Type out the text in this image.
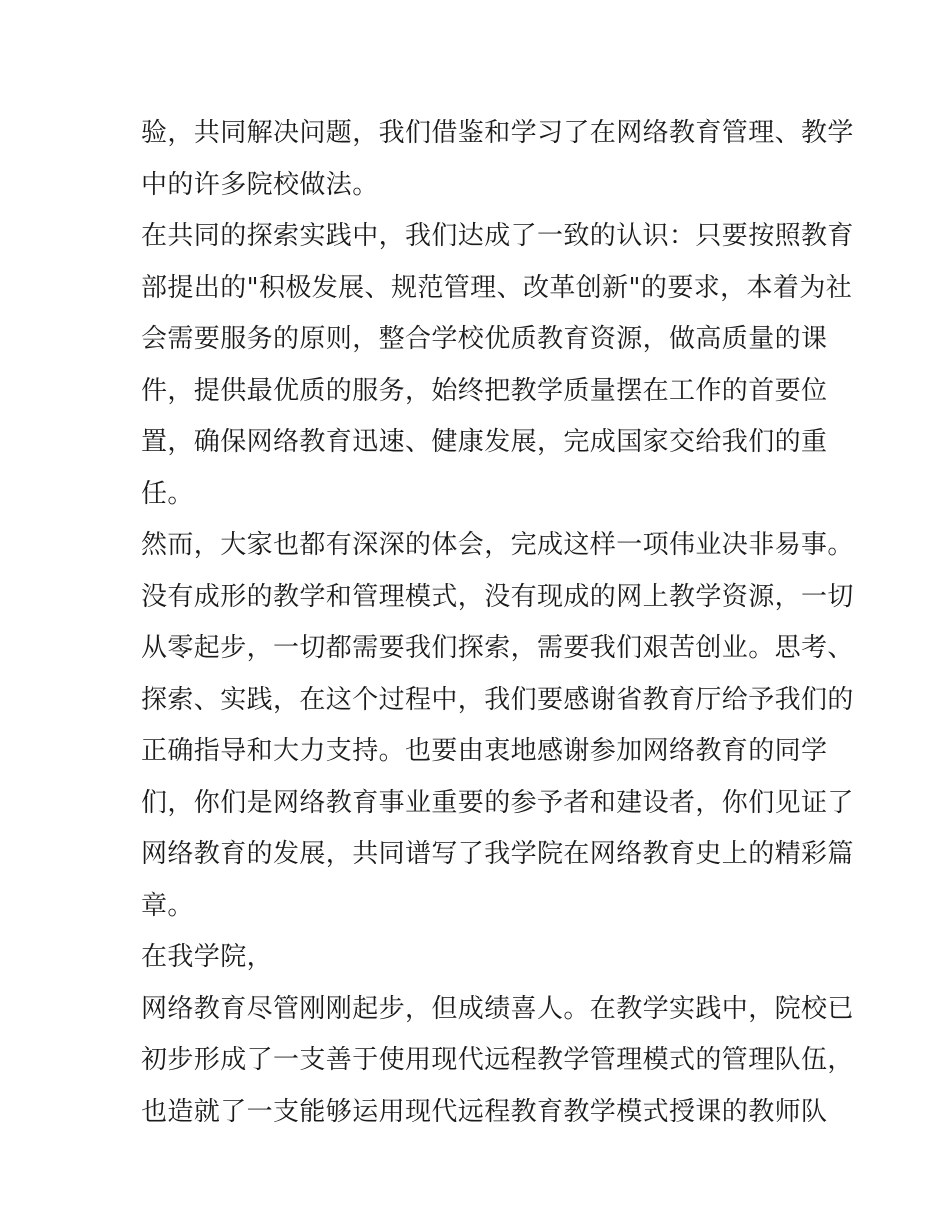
验，共同解决问题，我们借鉴和学习了在网络教育管理、教学
中的许多院校做法。
在共同的探索实践中，我们达成了一致的认识：只要按照教育
部提出的"积极发展、规范管理、改革创新"的要求，本着为社
会需要服务的原则，整合学校优质教育资源，做高质量的课
件，提供最优质的服务，始终把教学质量摆在工作的首要位
置，确保网络教育迅速、健康发展，完成国家交给我们的重
任。
然而，大家也都有深深的体会，完成这样一项伟业决非易事。
没有成形的教学和管理模式，没有现成的网上教学资源，一切
从零起步，一切都需要我们探索，需要我们艰苦创业。思考、
探索、实践，在这个过程中，我们要感谢省教育厅给予我们的
正确指导和大力支持。也要由衷地感谢参加网络教育的同学
们，你们是网络教育事业重要的参予者和建设者，你们见证了
网络教育的发展，共同谱写了我学院在网络教育史上的精彩篇
章。
在我学院，
网络教育尽管刚刚起步，但成绩喜人。在教学实践中，院校已
初步形成了一支善于使用现代远程教学管理模式的管理队伍，
也造就了一支能够运用现代远程教育教学模式授课的教师队
